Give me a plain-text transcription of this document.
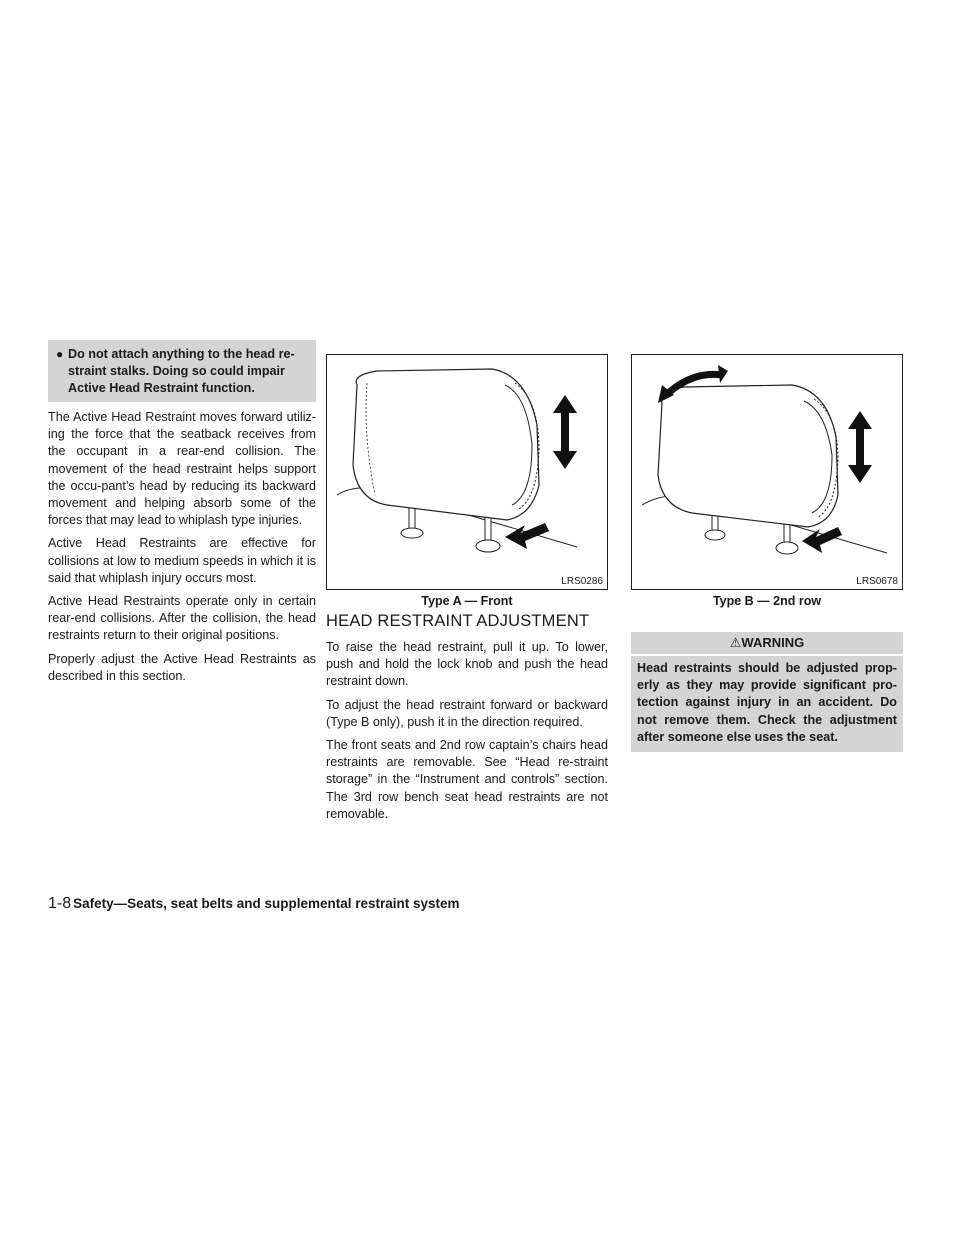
● Do not attach anything to the head re-straint stalks. Doing so could impair Active Head Restraint function.

The Active Head Restraint moves forward utiliz-ing the force that the seatback receives from the occupant in a rear-end collision. The movement of the head restraint helps support the occu-pant’s head by reducing its backward movement and helping absorb some of the forces that may lead to whiplash type injuries.

Active Head Restraints are effective for collisions at low to medium speeds in which it is said that whiplash injury occurs most.

Active Head Restraints operate only in certain rear-end collisions. After the collision, the head restraints return to their original positions.

Properly adjust the Active Head Restraints as described in this section.

LRS0286
Type A — Front
HEAD RESTRAINT ADJUSTMENT

To raise the head restraint, pull it up. To lower, push and hold the lock knob and push the head restraint down.

To adjust the head restraint forward or backward (Type B only), push it in the direction required.

The front seats and 2nd row captain’s chairs head restraints are removable. See “Head re-straint storage” in the “Instrument and controls” section. The 3rd row bench seat head restraints are not removable.

LRS0678
Type B — 2nd row
⚠WARNING
Head restraints should be adjusted prop-erly as they may provide significant pro-tection against injury in an accident. Do not remove them. Check the adjustment after someone else uses the seat.
1-8 Safety—Seats, seat belts and supplemental restraint system
